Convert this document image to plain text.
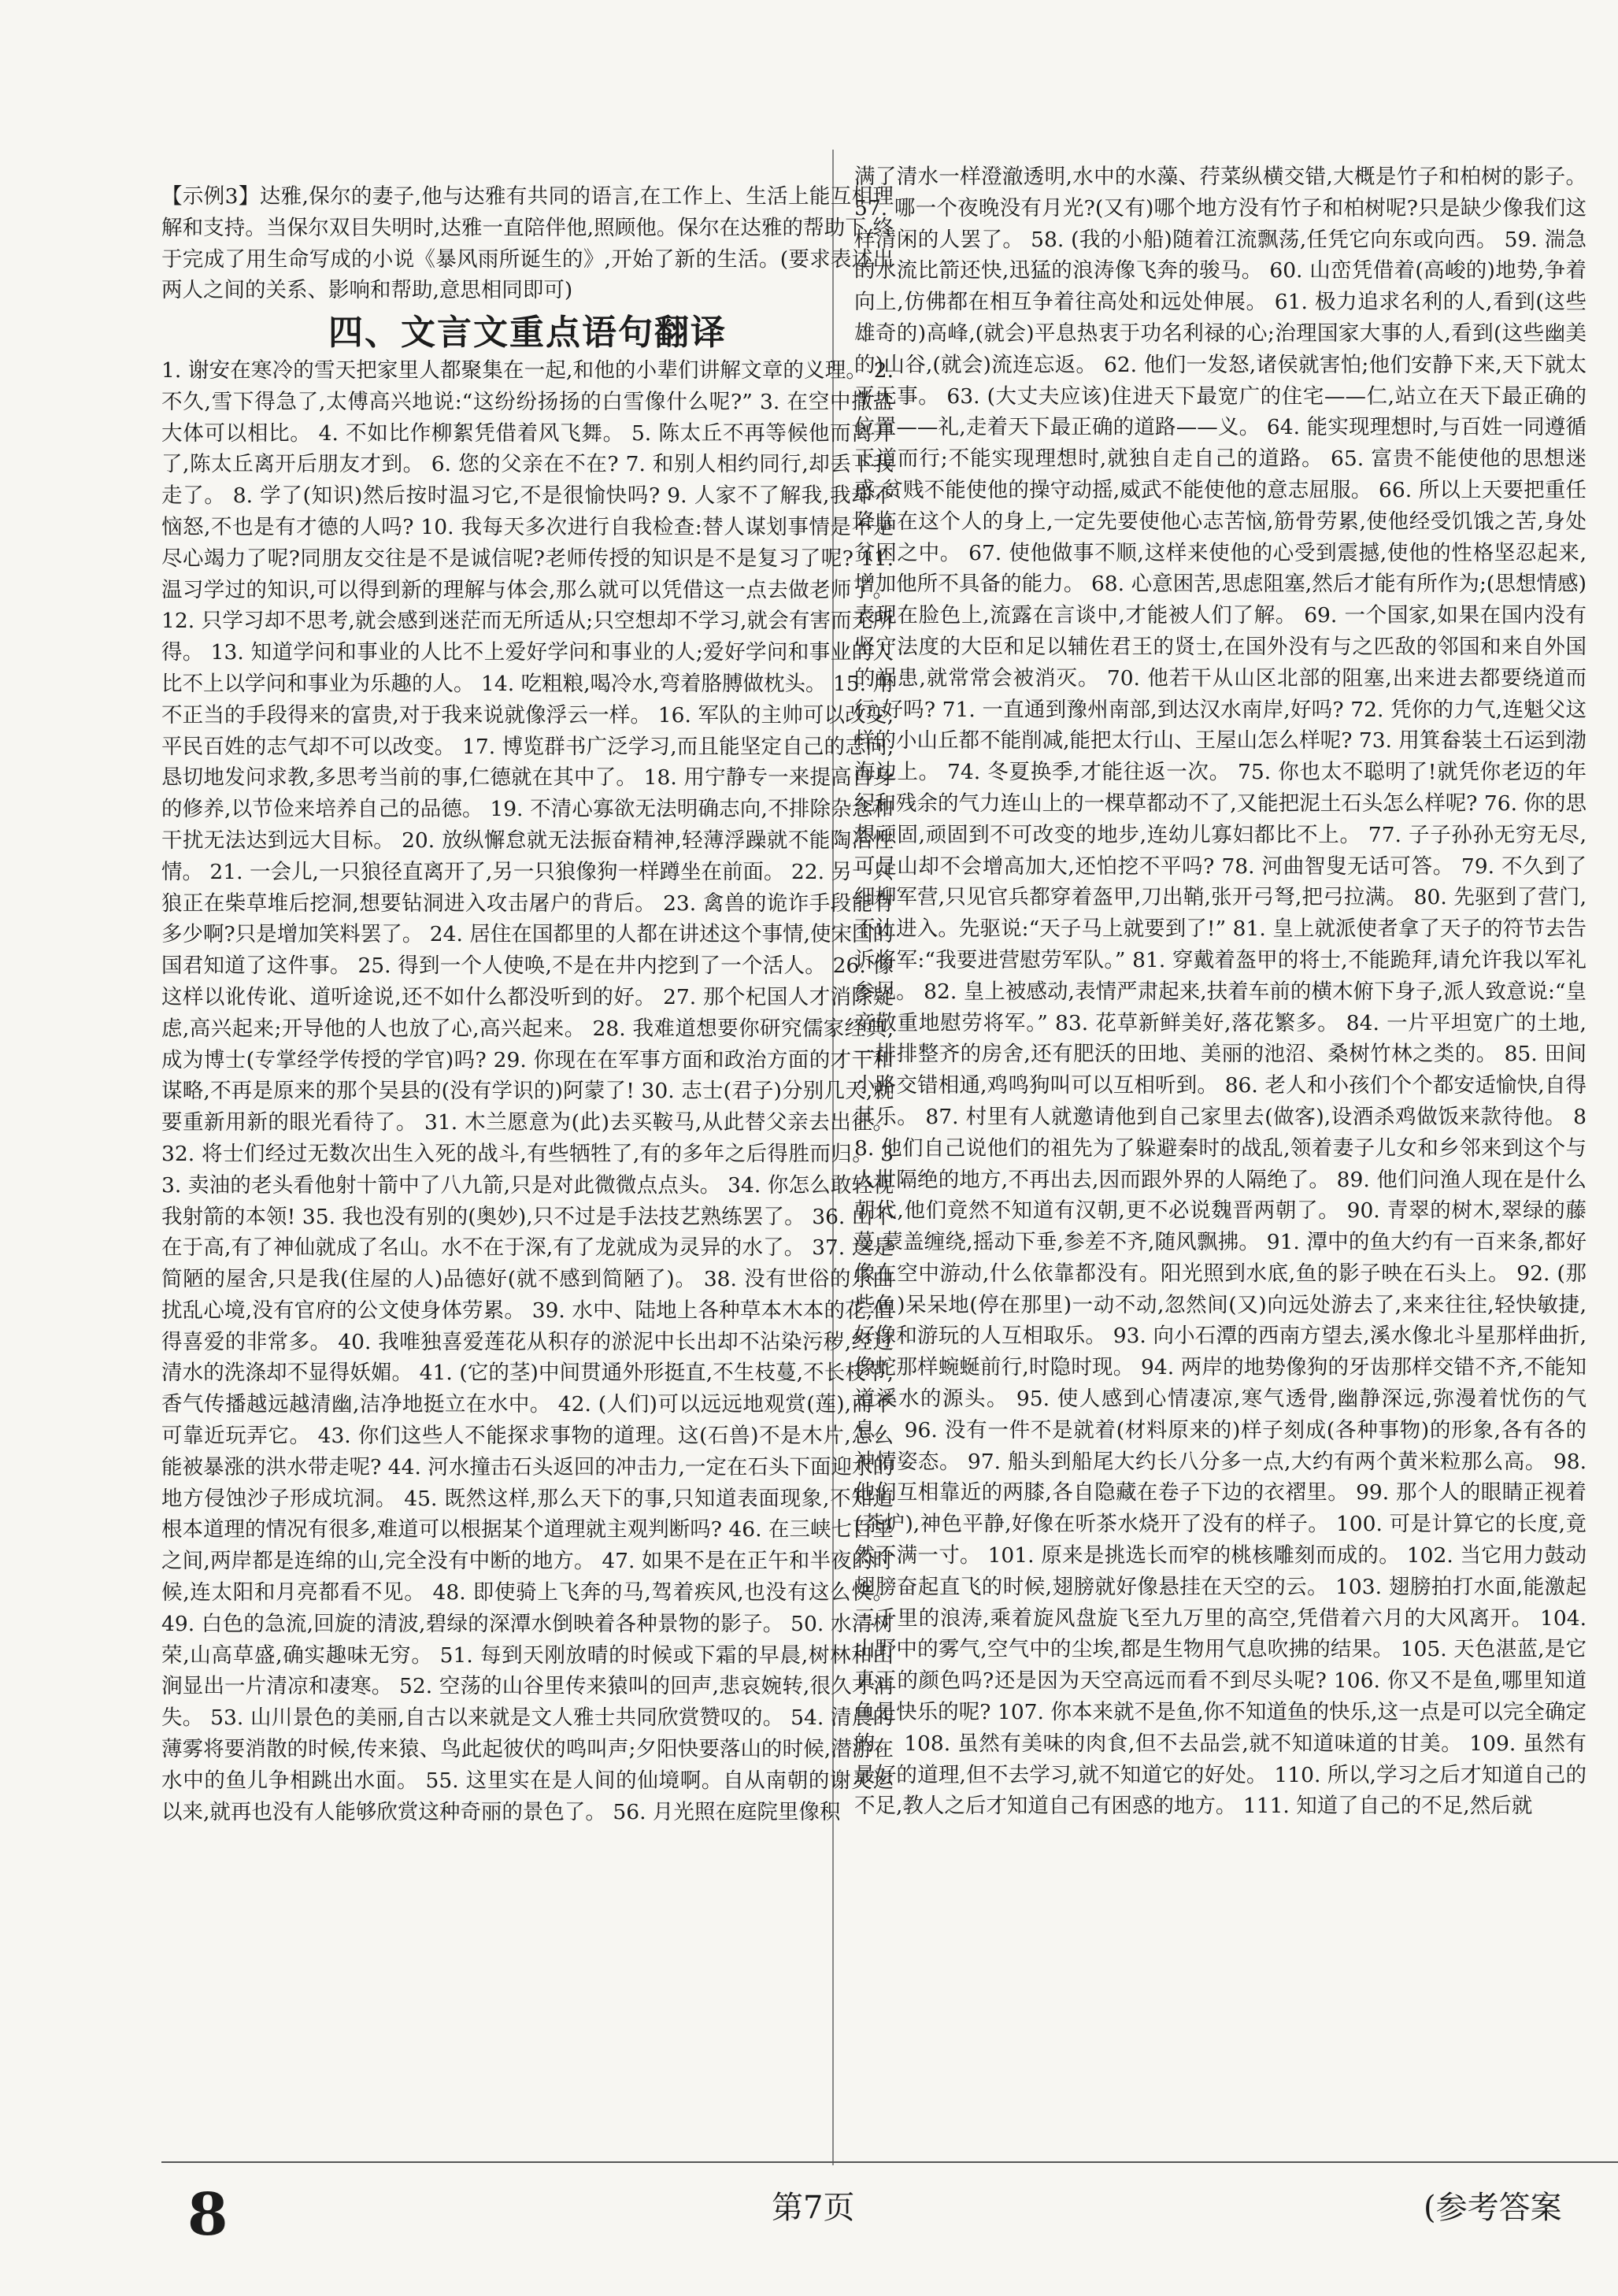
【示例3】达雅,保尔的妻子,他与达雅有共同的语言,在工作上、生活上能互相理解和支持。当保尔双目失明时,达雅一直陪伴他,照顾他。保尔在达雅的帮助下,终于完成了用生命写成的小说《暴风雨所诞生的》,开始了新的生活。(要求表述出两人之间的关系、影响和帮助,意思相同即可)

四、文言文重点语句翻译

1. 谢安在寒冷的雪天把家里人都聚集在一起,和他的小辈们讲解文章的义理。 2. 不久,雪下得急了,太傅高兴地说:“这纷纷扬扬的白雪像什么呢?” 3. 在空中撒盐大体可以相比。 4. 不如比作柳絮凭借着风飞舞。 5. 陈太丘不再等候他而离开了,陈太丘离开后朋友才到。 6. 您的父亲在不在? 7. 和别人相约同行,却丢下我走了。 8. 学了(知识)然后按时温习它,不是很愉快吗? 9. 人家不了解我,我却不恼怒,不也是有才德的人吗? 10. 我每天多次进行自我检查:替人谋划事情是不是尽心竭力了呢?同朋友交往是不是诚信呢?老师传授的知识是不是复习了呢? 11. 温习学过的知识,可以得到新的理解与体会,那么就可以凭借这一点去做老师了。 12. 只学习却不思考,就会感到迷茫而无所适从;只空想却不学习,就会有害而无所得。 13. 知道学问和事业的人比不上爱好学问和事业的人;爱好学问和事业的人比不上以学问和事业为乐趣的人。 14. 吃粗粮,喝冷水,弯着胳膊做枕头。 15. 用不正当的手段得来的富贵,对于我来说就像浮云一样。 16. 军队的主帅可以改变,平民百姓的志气却不可以改变。 17. 博览群书广泛学习,而且能坚定自己的志向,恳切地发问求教,多思考当前的事,仁德就在其中了。 18. 用宁静专一来提高自身的修养,以节俭来培养自己的品德。 19. 不清心寡欲无法明确志向,不排除杂念和干扰无法达到远大目标。 20. 放纵懈怠就无法振奋精神,轻薄浮躁就不能陶冶性情。 21. 一会儿,一只狼径直离开了,另一只狼像狗一样蹲坐在前面。 22. 另一只狼正在柴草堆后挖洞,想要钻洞进入攻击屠户的背后。 23. 禽兽的诡诈手段能有多少啊?只是增加笑料罢了。 24. 居住在国都里的人都在讲述这个事情,使宋国的国君知道了这件事。 25. 得到一个人使唤,不是在井内挖到了一个活人。 26. 像这样以讹传讹、道听途说,还不如什么都没听到的好。 27. 那个杞国人才消除疑虑,高兴起来;开导他的人也放了心,高兴起来。 28. 我难道想要你研究儒家经典,成为博士(专掌经学传授的学官)吗? 29. 你现在在军事方面和政治方面的才干和谋略,不再是原来的那个吴县的(没有学识的)阿蒙了! 30. 志士(君子)分别几天,就要重新用新的眼光看待了。 31. 木兰愿意为(此)去买鞍马,从此替父亲去出征。 32. 将士们经过无数次出生入死的战斗,有些牺牲了,有的多年之后得胜而归。 33. 卖油的老头看他射十箭中了八九箭,只是对此微微点点头。 34. 你怎么敢轻视我射箭的本领! 35. 我也没有别的(奥妙),只不过是手法技艺熟练罢了。 36. 山不在于高,有了神仙就成了名山。水不在于深,有了龙就成为灵异的水了。 37. 这是简陋的屋舍,只是我(住屋的人)品德好(就不感到简陋了)。 38. 没有世俗的乐曲扰乱心境,没有官府的公文使身体劳累。 39. 水中、陆地上各种草本木本的花,值得喜爱的非常多。 40. 我唯独喜爱莲花从积存的淤泥中长出却不沾染污秽,经过清水的洗涤却不显得妖媚。 41. (它的茎)中间贯通外形挺直,不生枝蔓,不长枝节,香气传播越远越清幽,洁净地挺立在水中。 42. (人们)可以远远地观赏(莲),而不可靠近玩弄它。 43. 你们这些人不能探求事物的道理。这(石兽)不是木片,怎么能被暴涨的洪水带走呢? 44. 河水撞击石头返回的冲击力,一定在石头下面迎水的地方侵蚀沙子形成坑洞。 45. 既然这样,那么天下的事,只知道表面现象,不知道根本道理的情况有很多,难道可以根据某个道理就主观判断吗? 46. 在三峡七百里之间,两岸都是连绵的山,完全没有中断的地方。 47. 如果不是在正午和半夜的时候,连太阳和月亮都看不见。 48. 即使骑上飞奔的马,驾着疾风,也没有这么快。 49. 白色的急流,回旋的清波,碧绿的深潭水倒映着各种景物的影子。 50. 水清树荣,山高草盛,确实趣味无穷。 51. 每到天刚放晴的时候或下霜的早晨,树林和山涧显出一片清凉和凄寒。 52. 空荡的山谷里传来猿叫的回声,悲哀婉转,很久才消失。 53. 山川景色的美丽,自古以来就是文人雅士共同欣赏赞叹的。 54. 清晨的薄雾将要消散的时候,传来猿、鸟此起彼伏的鸣叫声;夕阳快要落山的时候,潜游在水中的鱼儿争相跳出水面。 55. 这里实在是人间的仙境啊。自从南朝的谢灵运以来,就再也没有人能够欣赏这种奇丽的景色了。 56. 月光照在庭院里像积

满了清水一样澄澈透明,水中的水藻、荇菜纵横交错,大概是竹子和柏树的影子。 57. 哪一个夜晚没有月光?(又有)哪个地方没有竹子和柏树呢?只是缺少像我们这样清闲的人罢了。 58. (我的小船)随着江流飘荡,任凭它向东或向西。 59. 湍急的水流比箭还快,迅猛的浪涛像飞奔的骏马。 60. 山峦凭借着(高峻的)地势,争着向上,仿佛都在相互争着往高处和远处伸展。 61. 极力追求名利的人,看到(这些雄奇的)高峰,(就会)平息热衷于功名利禄的心;治理国家大事的人,看到(这些幽美的)山谷,(就会)流连忘返。 62. 他们一发怒,诸侯就害怕;他们安静下来,天下就太平无事。 63. (大丈夫应该)住进天下最宽广的住宅——仁,站立在天下最正确的位置——礼,走着天下最正确的道路——义。 64. 能实现理想时,与百姓一同遵循正道而行;不能实现理想时,就独自走自己的道路。 65. 富贵不能使他的思想迷惑,贫贱不能使他的操守动摇,威武不能使他的意志屈服。 66. 所以上天要把重任降临在这个人的身上,一定先要使他心志苦恼,筋骨劳累,使他经受饥饿之苦,身处贫困之中。 67. 使他做事不顺,这样来使他的心受到震撼,使他的性格坚忍起来,增加他所不具备的能力。 68. 心意困苦,思虑阻塞,然后才能有所作为;(思想情感)表现在脸色上,流露在言谈中,才能被人们了解。 69. 一个国家,如果在国内没有坚守法度的大臣和足以辅佐君王的贤士,在国外没有与之匹敌的邻国和来自外国的祸患,就常常会被消灭。 70. 他若干从山区北部的阻塞,出来进去都要绕道而行,好吗? 71. 一直通到豫州南部,到达汉水南岸,好吗? 72. 凭你的力气,连魁父这样的小山丘都不能削减,能把太行山、王屋山怎么样呢? 73. 用箕畚装土石运到渤海边上。 74. 冬夏换季,才能往返一次。 75. 你也太不聪明了!就凭你老迈的年纪和残余的气力连山上的一棵草都动不了,又能把泥土石头怎么样呢? 76. 你的思想顽固,顽固到不可改变的地步,连幼儿寡妇都比不上。 77. 子子孙孙无穷无尽,可是山却不会增高加大,还怕挖不平吗? 78. 河曲智叟无话可答。 79. 不久到了细柳军营,只见官兵都穿着盔甲,刀出鞘,张开弓弩,把弓拉满。 80. 先驱到了营门,不让进入。先驱说:“天子马上就要到了!” 81. 皇上就派使者拿了天子的符节去告诉将军:“我要进营慰劳军队。” 81. 穿戴着盔甲的将士,不能跪拜,请允许我以军礼参见。 82. 皇上被感动,表情严肃起来,扶着车前的横木俯下身子,派人致意说:“皇帝敬重地慰劳将军。” 83. 花草新鲜美好,落花繁多。 84. 一片平坦宽广的土地,一排排整齐的房舍,还有肥沃的田地、美丽的池沼、桑树竹林之类的。 85. 田间小路交错相通,鸡鸣狗叫可以互相听到。 86. 老人和小孩们个个都安适愉快,自得其乐。 87. 村里有人就邀请他到自己家里去(做客),设酒杀鸡做饭来款待他。 88. 他们自己说他们的祖先为了躲避秦时的战乱,领着妻子儿女和乡邻来到这个与人世隔绝的地方,不再出去,因而跟外界的人隔绝了。 89. 他们问渔人现在是什么朝代,他们竟然不知道有汉朝,更不必说魏晋两朝了。 90. 青翠的树木,翠绿的藤蔓,蒙盖缠绕,摇动下垂,参差不齐,随风飘拂。 91. 潭中的鱼大约有一百来条,都好像在空中游动,什么依靠都没有。阳光照到水底,鱼的影子映在石头上。 92. (那些鱼)呆呆地(停在那里)一动不动,忽然间(又)向远处游去了,来来往往,轻快敏捷,好像和游玩的人互相取乐。 93. 向小石潭的西南方望去,溪水像北斗星那样曲折,像蛇那样蜿蜒前行,时隐时现。 94. 两岸的地势像狗的牙齿那样交错不齐,不能知道溪水的源头。 95. 使人感到心情凄凉,寒气透骨,幽静深远,弥漫着忧伤的气息。 96. 没有一件不是就着(材料原来的)样子刻成(各种事物)的形象,各有各的神情姿态。 97. 船头到船尾大约长八分多一点,大约有两个黄米粒那么高。 98. 他们互相靠近的两膝,各自隐藏在卷子下边的衣褶里。 99. 那个人的眼睛正视着(茶炉),神色平静,好像在听茶水烧开了没有的样子。 100. 可是计算它的长度,竟然不满一寸。 101. 原来是挑选长而窄的桃核雕刻而成的。 102. 当它用力鼓动翅膀奋起直飞的时候,翅膀就好像悬挂在天空的云。 103. 翅膀拍打水面,能激起三千里的浪涛,乘着旋风盘旋飞至九万里的高空,凭借着六月的大风离开。 104. 山野中的雾气,空气中的尘埃,都是生物用气息吹拂的结果。 105. 天色湛蓝,是它真正的颜色吗?还是因为天空高远而看不到尽头呢? 106. 你又不是鱼,哪里知道鱼是快乐的呢? 107. 你本来就不是鱼,你不知道鱼的快乐,这一点是可以完全确定的。 108. 虽然有美味的肉食,但不去品尝,就不知道味道的甘美。 109. 虽然有最好的道理,但不去学习,就不知道它的好处。 110. 所以,学习之后才知道自己的不足,教人之后才知道自己有困惑的地方。 111. 知道了自己的不足,然后就

8	第7页	(参考答案
